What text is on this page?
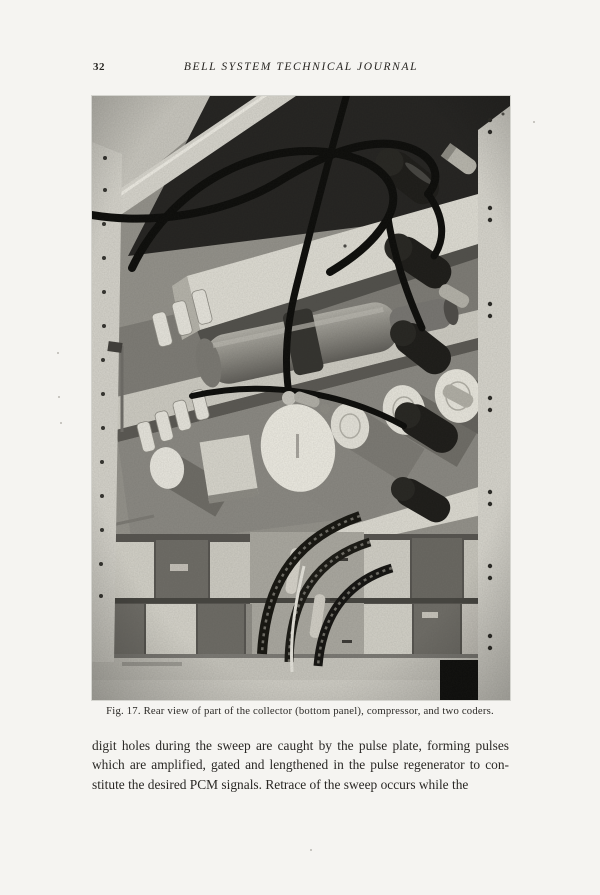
32	BELL SYSTEM TECHNICAL JOURNAL
Fig. 17. Rear view of part of the collector (bottom panel), compressor, and two coders.
digit holes during the sweep are caught by the pulse plate, forming pulses
which are amplified, gated and lengthened in the pulse regenerator to con-
stitute the desired PCM signals. Retrace of the sweep occurs while the
